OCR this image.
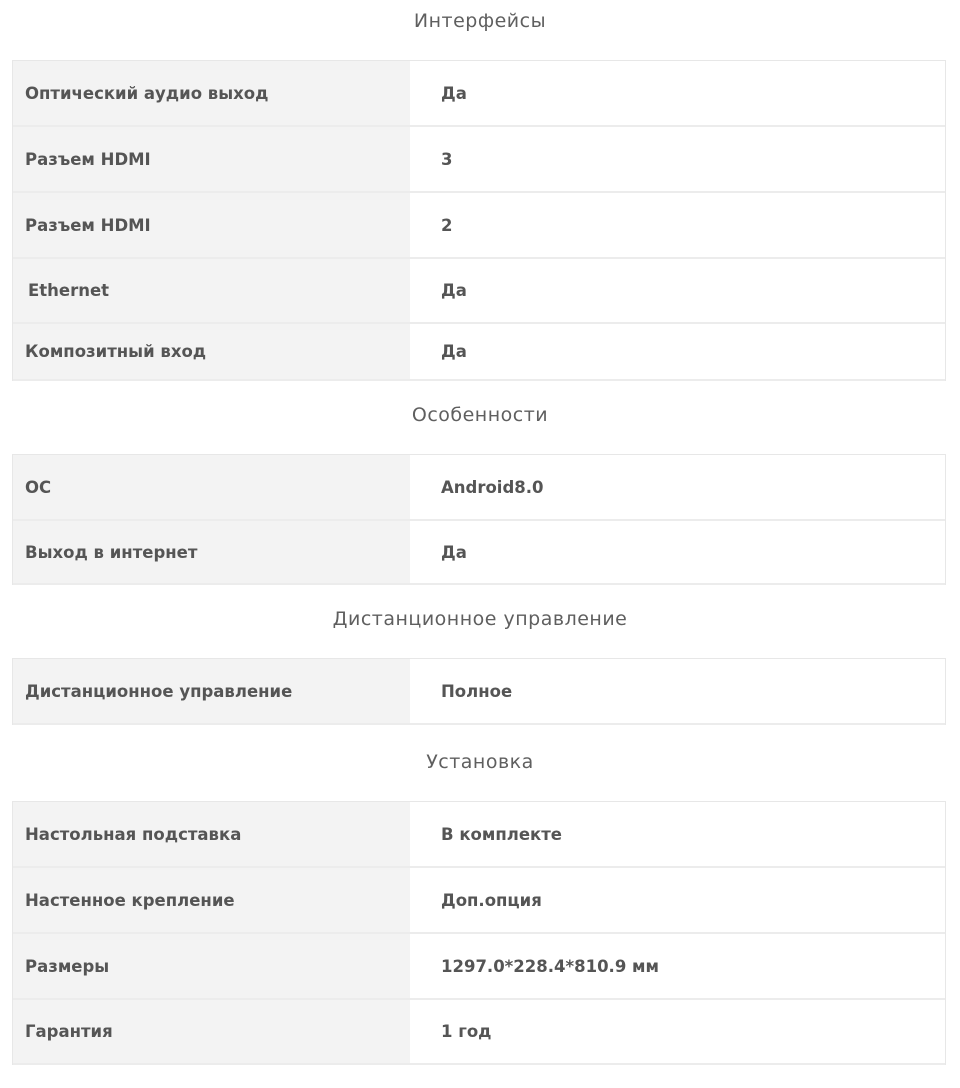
Интерфейсы
Оптический аудио выход	Да
Разъем HDMI	3
Разъем HDMI	2
Ethernet	Да
Композитный вход	Да
Особенности
ОС	Android8.0
Выход в интернет	Да
Дистанционное управление
Дистанционное управление	Полное
Установка
Настольная подставка	В комплекте
Настенное крепление	Доп.опция
Размеры	1297.0*228.4*810.9 мм
Гарантия	1 год
